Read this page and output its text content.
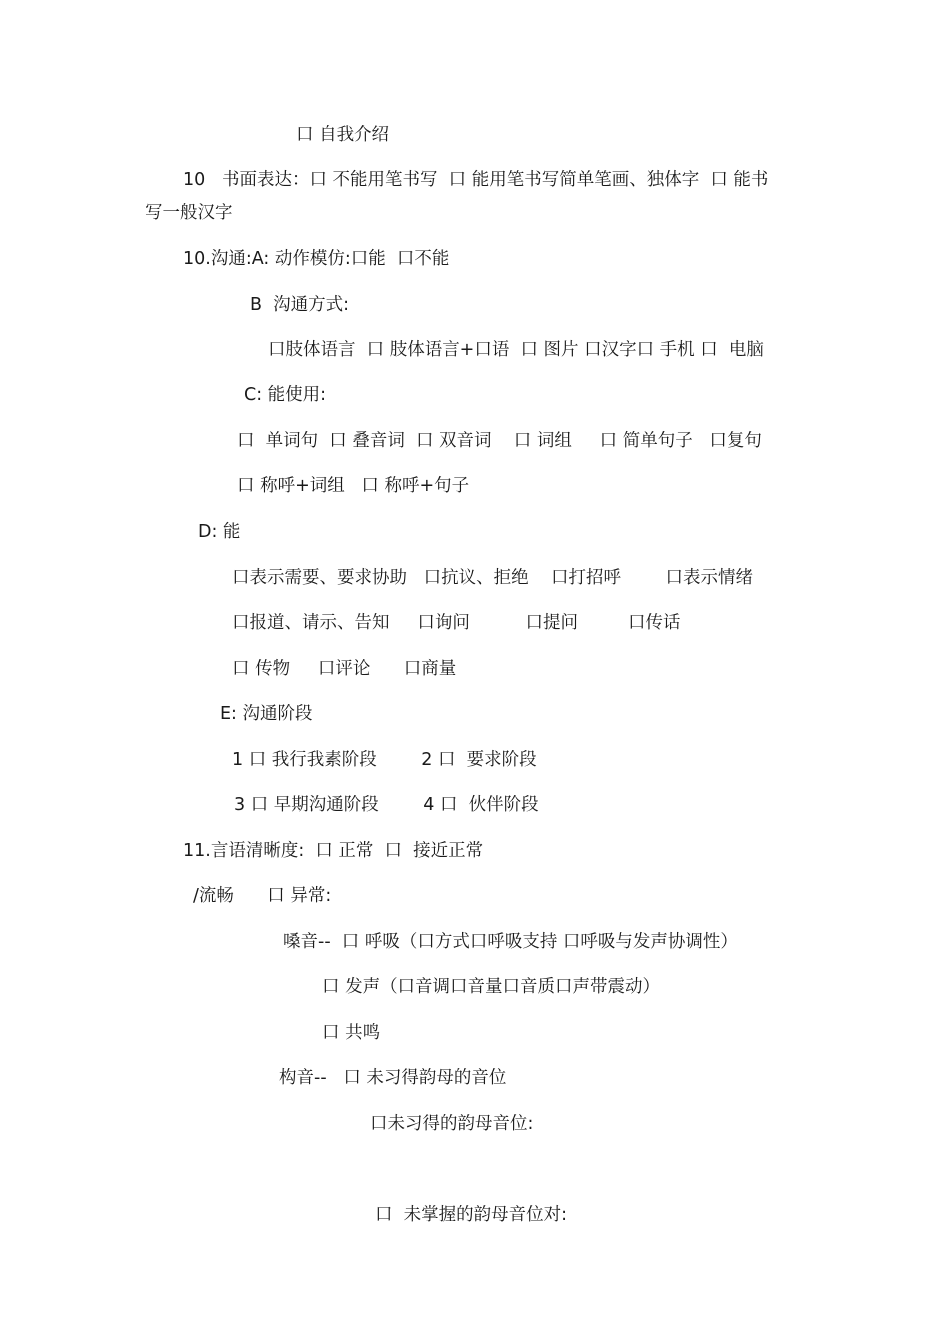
口 自我介绍
10   书面表达：口 不能用笔书写  口 能用笔书写简单笔画、独体字  口 能书
写一般汉字
10.沟通:A: 动作模仿:口能  口不能
B  沟通方式:
口肢体语言  口 肢体语言+口语  口 图片 口汉字口 手机 口  电脑
C: 能使用:
口  单词句  口 叠音词  口 双音词    口 词组     口 简单句子   口复句
口 称呼+词组   口 称呼+句子
D: 能
口表示需要、要求协助   口抗议、拒绝    口打招呼        口表示情绪
口报道、请示、告知     口询问          口提问         口传话
口 传物     口评论      口商量
E: 沟通阶段
1 口 我行我素阶段        2 口  要求阶段
3 口 早期沟通阶段        4 口  伙伴阶段
11.言语清晰度:  口 正常  口  接近正常
/流畅      口 异常:
嗓音--  口 呼吸（口方式口呼吸支持 口呼吸与发声协调性）
口 发声（口音调口音量口音质口声带震动）
口 共鸣
构音--   口 未习得韵母的音位
口未习得的韵母音位:
口  未掌握的韵母音位对:
